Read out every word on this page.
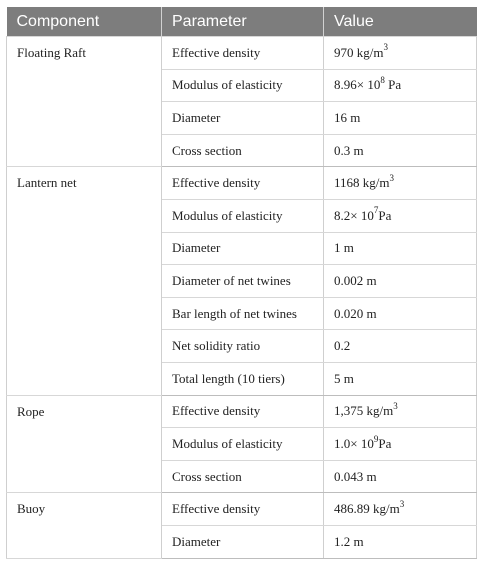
Component	Parameter	Value
Floating Raft	Effective density	970 $kg/m^3$
	Modulus of elasticity	$8.96\times 10^8$ Pa
	Diameter	16 m
	Cross section	0.3 m
Lantern net	Effective density	1168 $kg/m^3$
	Modulus of elasticity	$8.2\times 10^7Pa$
	Diameter	1 m
	Diameter of net twines	0.002 m
	Bar length of net twines	0.020 m
	Net solidity ratio	0.2
	Total length (10 tiers)	5 m
Rope	Effective density	1,375 $kg/m^3$
	Modulus of elasticity	$1.0\times 10^9Pa$
	Cross section	0.043 m
Buoy	Effective density	486.89 $kg/m^3$
	Diameter	1.2 m
